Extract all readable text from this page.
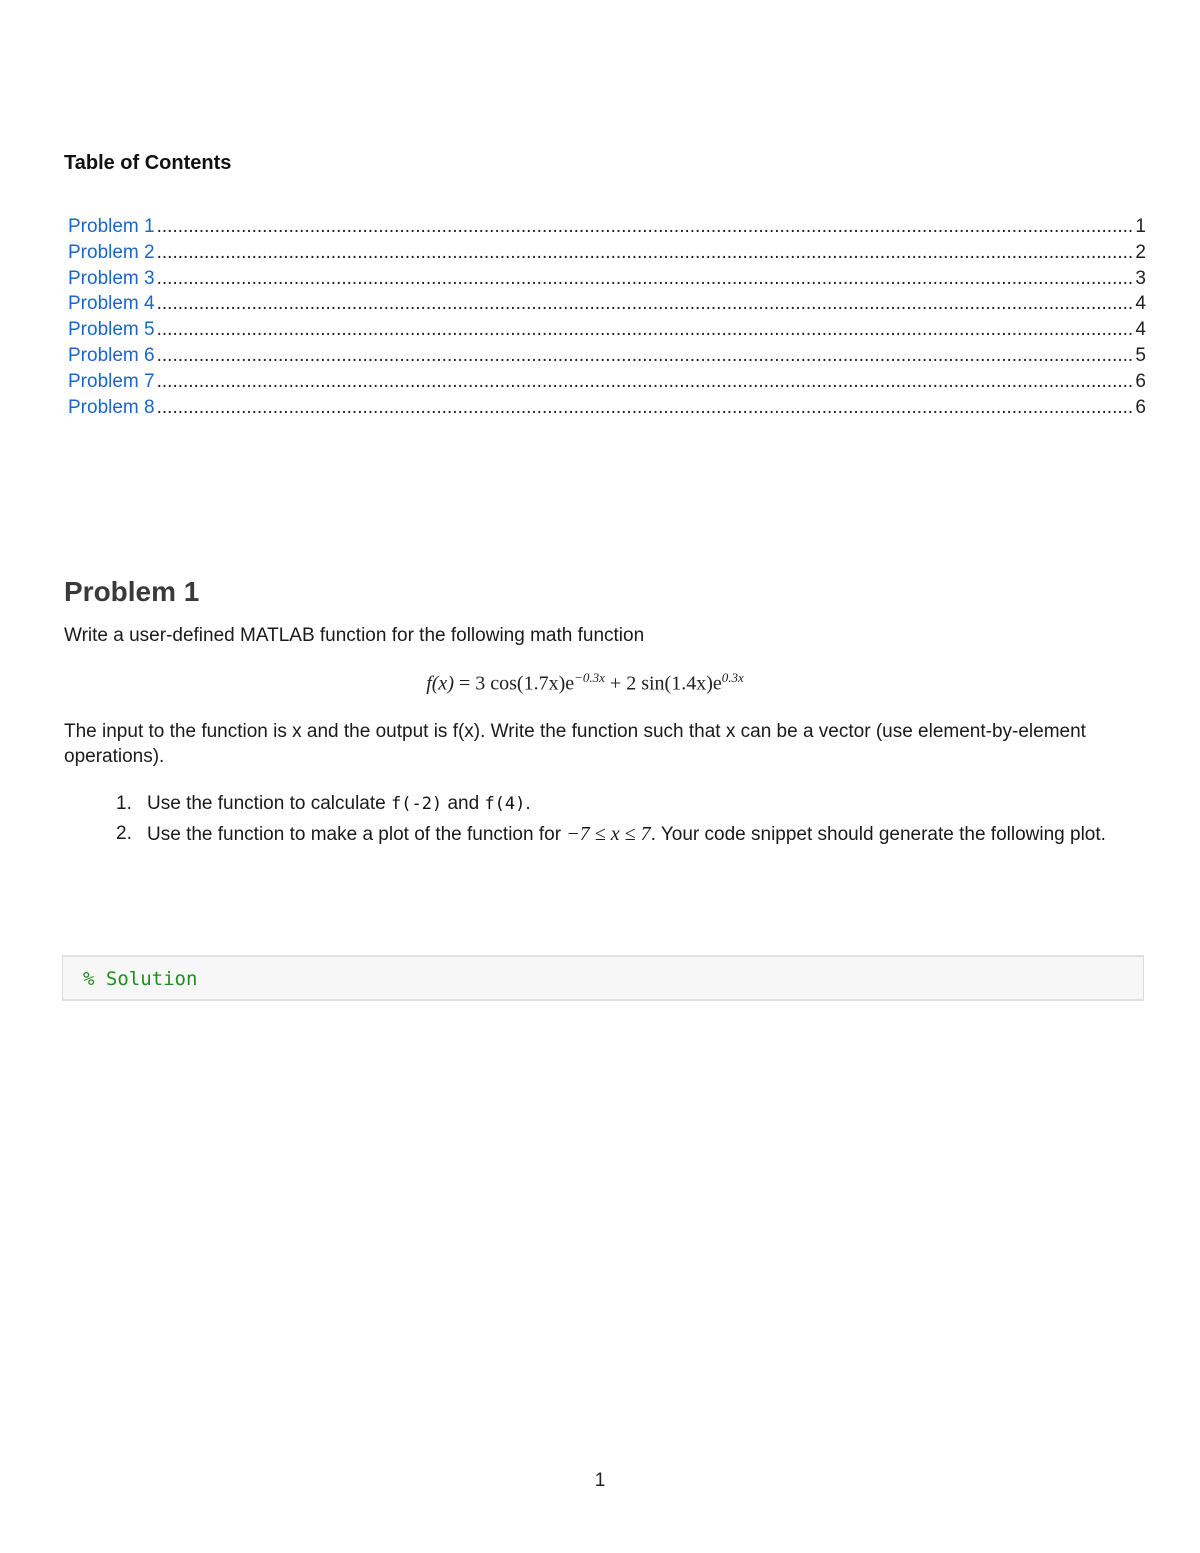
Table of Contents
Problem 1 .....	1
Problem 2 .....	2
Problem 3 .....	3
Problem 4 .....	4
Problem 5 .....	4
Problem 6 .....	5
Problem 7 .....	6
Problem 8 .....	6
Problem 1

Write a user-defined MATLAB function for the following math function

f(x) = 3 $\cos(1.7x)e^{-0.3x} + 2$ $\sin(1.4x)e^{0.3x}$

The input to the function is x and the output is f(x). Write the function such that x can be a vector (use element-by-element operations).

1. Use the function to calculate f(-2) and f(4).
2. Use the function to make a plot of the function for −7 ≤ x ≤ 7. Your code snippet should generate the following plot.
% Solution
1
